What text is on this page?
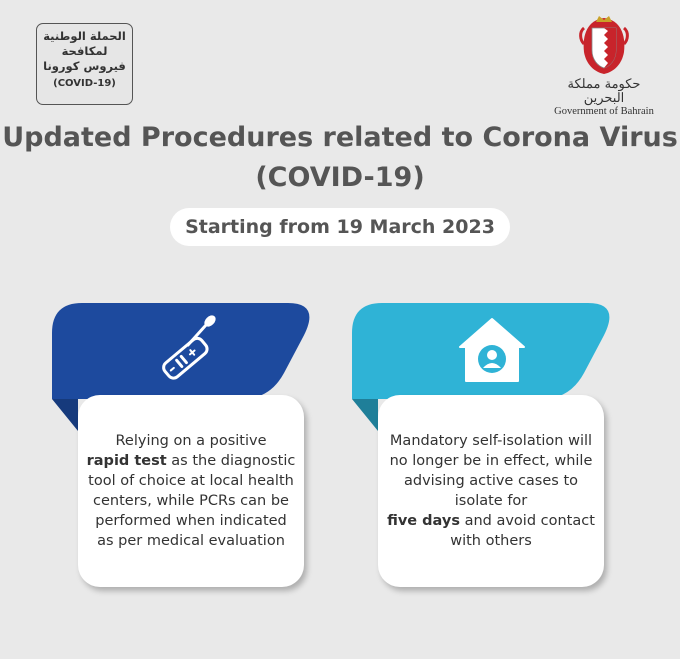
الحملة الوطنية
لمكافحة
فيروس كورونا
(COVID-19)	حكومة مملكة البحرين
Government of Bahrain
Updated Procedures related to Corona Virus
(COVID-19)
Starting from 19 March 2023

Relying on a positive
rapid test as the diagnostic tool of choice at local health centers, while PCRs can be performed when indicated as per medical evaluation

Mandatory self-isolation will no longer be in effect, while advising active cases to isolate for
five days and avoid contact with others
